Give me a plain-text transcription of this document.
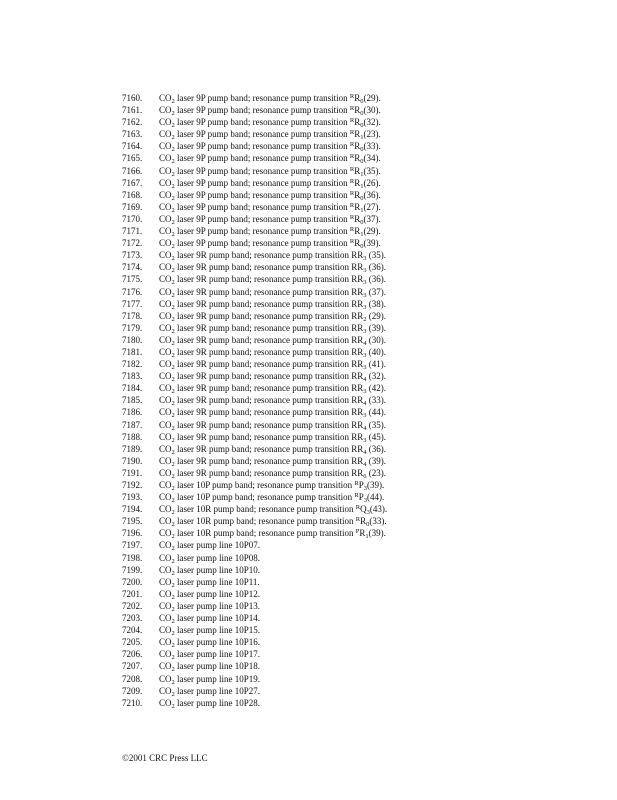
7160. $CO_2$ laser 9P pump band; resonance pump transition $^RR_0(29)$.
7161. $CO_2$ laser 9P pump band; resonance pump transition $^RR_0(30)$.
7162. $CO_2$ laser 9P pump band; resonance pump transition $^RR_0(32)$.
7163. $CO_2$ laser 9P pump band; resonance pump transition $^RR_1(23)$.
7164. $CO_2$ laser 9P pump band; resonance pump transition $^RR_0(33)$.
7165. $CO_2$ laser 9P pump band; resonance pump transition $^RR_0(34)$.
7166. $CO_2$ laser 9P pump band; resonance pump transition $^RR_1(35)$.
7167. $CO_2$ laser 9P pump band; resonance pump transition $^RR_1(26)$.
7168. $CO_2$ laser 9P pump band; resonance pump transition $^RR_0(36)$.
7169. $CO_2$ laser 9P pump band; resonance pump transition $^RR_1(27)$.
7170. $CO_2$ laser 9P pump band; resonance pump transition $^RR_0(37)$.
7171. $CO_2$ laser 9P pump band; resonance pump transition $^RR_1(29)$.
7172. $CO_2$ laser 9P pump band; resonance pump transition $^RR_0(39)$.
7173. $CO_2$ laser 9R pump band; resonance pump transition $RR_3$ (35).
7174. $CO_2$ laser 9R pump band; resonance pump transition $RR_3$ (36).
7175. $CO_2$ laser 9R pump band; resonance pump transition $RR_3$ (36).
7176. $CO_2$ laser 9R pump band; resonance pump transition $RR_3$ (37).
7177. $CO_2$ laser 9R pump band; resonance pump transition $RR_3$ (38).
7178. $CO_2$ laser 9R pump band; resonance pump transition $RR_2$ (29).
7179. $CO_2$ laser 9R pump band; resonance pump transition $RR_3$ (39).
7180. $CO_2$ laser 9R pump band; resonance pump transition $RR_4$ (30).
7181. $CO_2$ laser 9R pump band; resonance pump transition $RR_3$ (40).
7182. $CO_2$ laser 9R pump band; resonance pump transition $RR_3$ (41).
7183. $CO_2$ laser 9R pump band; resonance pump transition $RR_4$ (32).
7184. $CO_2$ laser 9R pump band; resonance pump transition $RR_3$ (42).
7185. $CO_2$ laser 9R pump band; resonance pump transition $RR_4$ (33).
7186. $CO_2$ laser 9R pump band; resonance pump transition $RR_3$ (44).
7187. $CO_2$ laser 9R pump band; resonance pump transition $RR_4$ (35).
7188. $CO_2$ laser 9R pump band; resonance pump transition $RR_3$ (45).
7189. $CO_2$ laser 9R pump band; resonance pump transition $RR_4$ (36).
7190. $CO_2$ laser 9R pump band; resonance pump transition $RR_4$ (39).
7191. $CO_2$ laser 9R pump band; resonance pump transition $RR_6$ (23).
7192. $CO_2$ laser 10P pump band; resonance pump transition $^RP_3(39)$.
7193. $CO_2$ laser 10P pump band; resonance pump transition $^RP_3(44)$.
7194. $CO_2$ laser 10R pump band; resonance pump transition $^RQ_3(43)$.
7195. $CO_2$ laser 10R pump band; resonance pump transition $^RR_0(33)$.
7196. $CO_2$ laser 10R pump band; resonance pump transition $^PR_1(39)$.
7197. $CO_2$ laser pump line 10P07.
7198. $CO_2$ laser pump line 10P08.
7199. $CO_2$ laser pump line 10P10.
7200. $CO_2$ laser pump line 10P11.
7201. $CO_2$ laser pump line 10P12.
7202. $CO_2$ laser pump line 10P13.
7203. $CO_2$ laser pump line 10P14.
7204. $CO_2$ laser pump line 10P15.
7205. $CO_2$ laser pump line 10P16.
7206. $CO_2$ laser pump line 10P17.
7207. $CO_2$ laser pump line 10P18.
7208. $CO_2$ laser pump line 10P19.
7209. $CO_2$ laser pump line 10P27.
7210. $CO_2$ laser pump line 10P28.
©2001 CRC Press LLC
